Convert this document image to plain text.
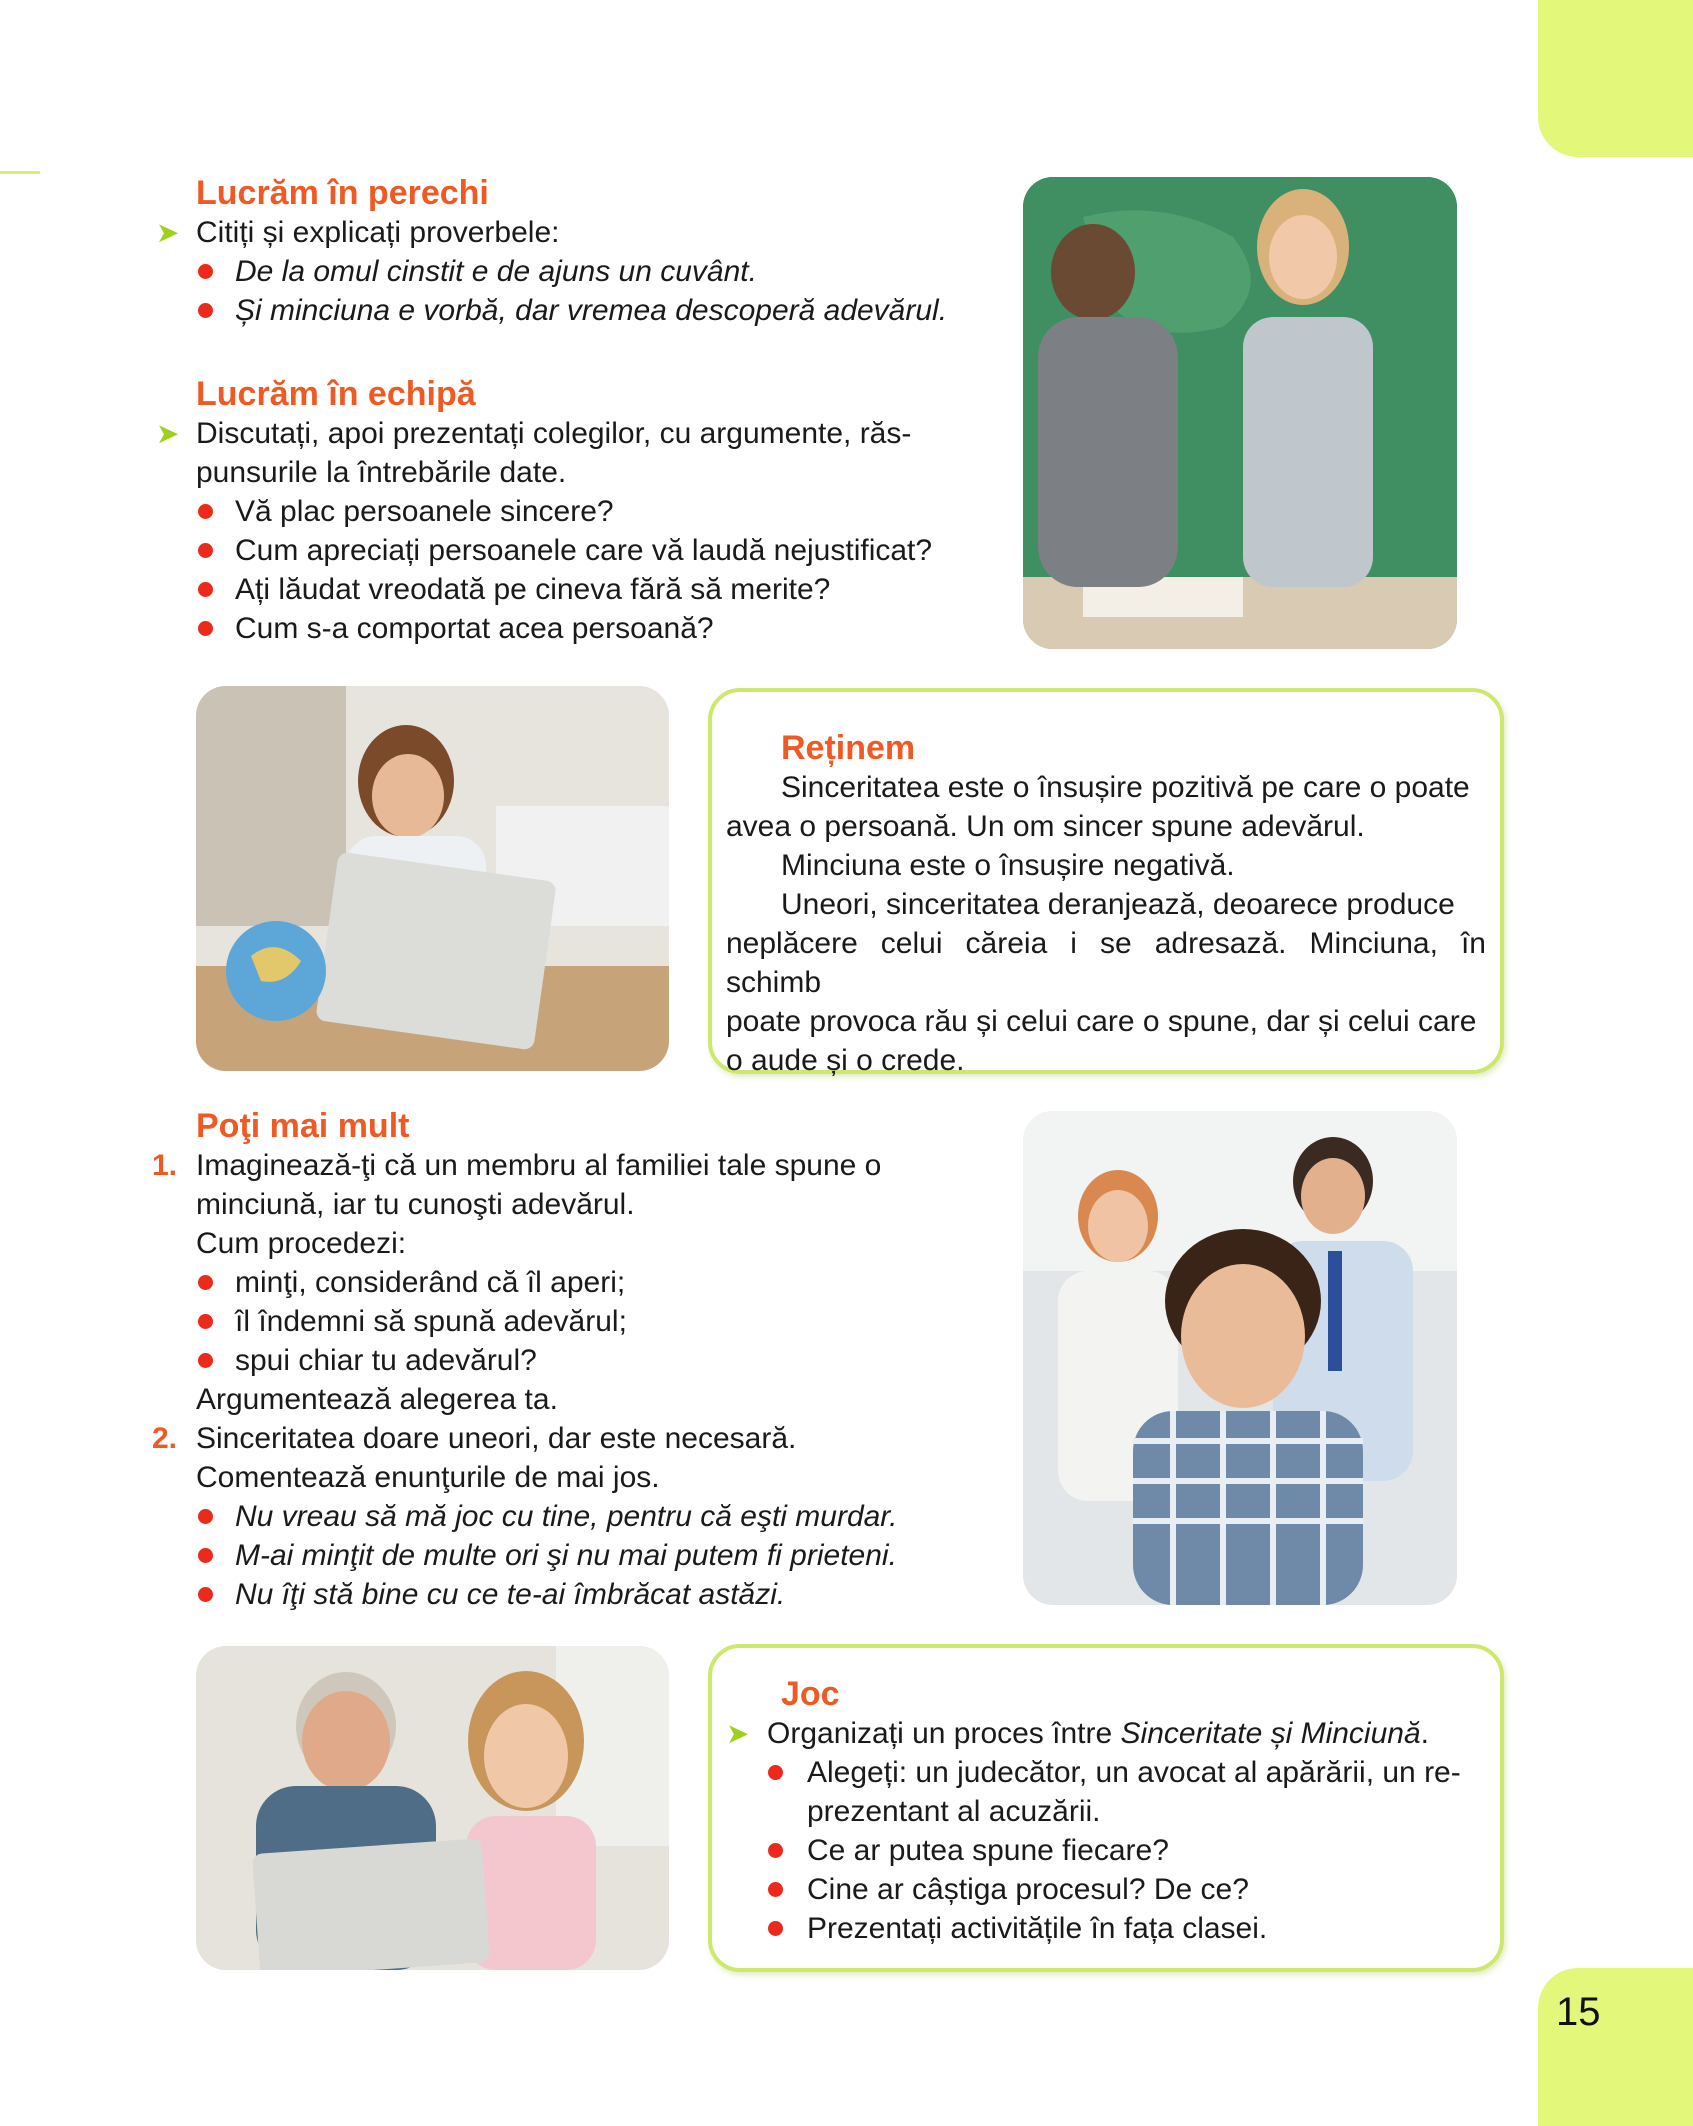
15
Lucrăm în perechi
➤ Citiți și explicați proverbele:
De la omul cinstit e de ajuns un cuvânt.
Și minciuna e vorbă, dar vremea descoperă adevărul.
Lucrăm în echipă
➤ Discutați, apoi prezentați colegilor, cu argumente, răs-
punsurile la întrebările date.
Vă plac persoanele sincere?
Cum apreciați persoanele care vă laudă nejustificat?
Ați lăudat vreodată pe cineva fără să merite?
Cum s-a comportat acea persoană?
Reținem
Sinceritatea este o însușire pozitivă pe care o poate
avea o persoană. Un om sincer spune adevărul.
Minciuna este o însușire negativă.
Uneori, sinceritatea deranjează, deoarece produce
neplăcere celui căreia i se adresază. Minciuna, în schimb
poate provoca rău și celui care o spune, dar și celui care
o aude și o crede.
Poţi mai mult
1. Imaginează-ţi că un membru al familiei tale spune o
minciună, iar tu cunoşti adevărul.
Cum procedezi:
minţi, considerând că îl aperi;
îl îndemni să spună adevărul;
spui chiar tu adevărul?
Argumentează alegerea ta.
2. Sinceritatea doare uneori, dar este necesară.
Comentează enunţurile de mai jos.
Nu vreau să mă joc cu tine, pentru că eşti murdar.
M-ai minţit de multe ori şi nu mai putem fi prieteni.
Nu îţi stă bine cu ce te-ai îmbrăcat astăzi.
Joc
➤ Organizați un proces între Sinceritate și Minciună.
Alegeți: un judecător, un avocat al apărării, un re-
prezentant al acuzării.
Ce ar putea spune fiecare?
Cine ar câștiga procesul? De ce?
Prezentați activitățile în fața clasei.
